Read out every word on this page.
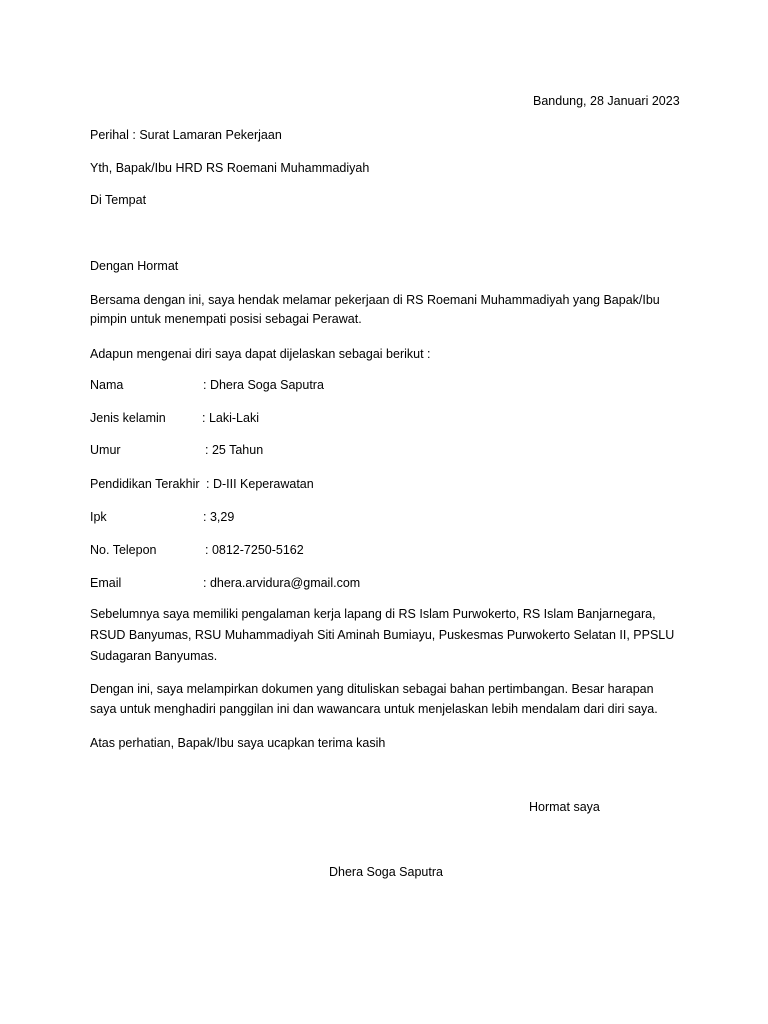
Bandung, 28 Januari 2023

Perihal : Surat Lamaran Pekerjaan

Yth, Bapak/Ibu HRD RS Roemani Muhammadiyah

Di Tempat

Dengan Hormat

Bersama dengan ini, saya hendak melamar pekerjaan di RS Roemani Muhammadiyah yang Bapak/Ibu

pimpin untuk menempati posisi sebagai Perawat.

Adapun mengenai diri saya dapat dijelaskan sebagai berikut :

Nama	: Dhera Soga Saputra
Jenis kelamin	: Laki-Laki
Umur	: 25 Tahun
Pendidikan Terakhir : D-III Keperawatan
Ipk	: 3,29
No. Telepon	: 0812-7250-5162
Email	: dhera.arvidura@gmail.com

Sebelumnya saya memiliki pengalaman kerja lapang di RS Islam Purwokerto, RS Islam Banjarnegara,

RSUD Banyumas, RSU Muhammadiyah Siti Aminah Bumiayu, Puskesmas Purwokerto Selatan II, PPSLU

Sudagaran Banyumas.

Dengan ini, saya melampirkan dokumen yang dituliskan sebagai bahan pertimbangan. Besar harapan

saya untuk menghadiri panggilan ini dan wawancara untuk menjelaskan lebih mendalam dari diri saya.

Atas perhatian, Bapak/Ibu saya ucapkan terima kasih

Hormat saya

Dhera Soga Saputra
